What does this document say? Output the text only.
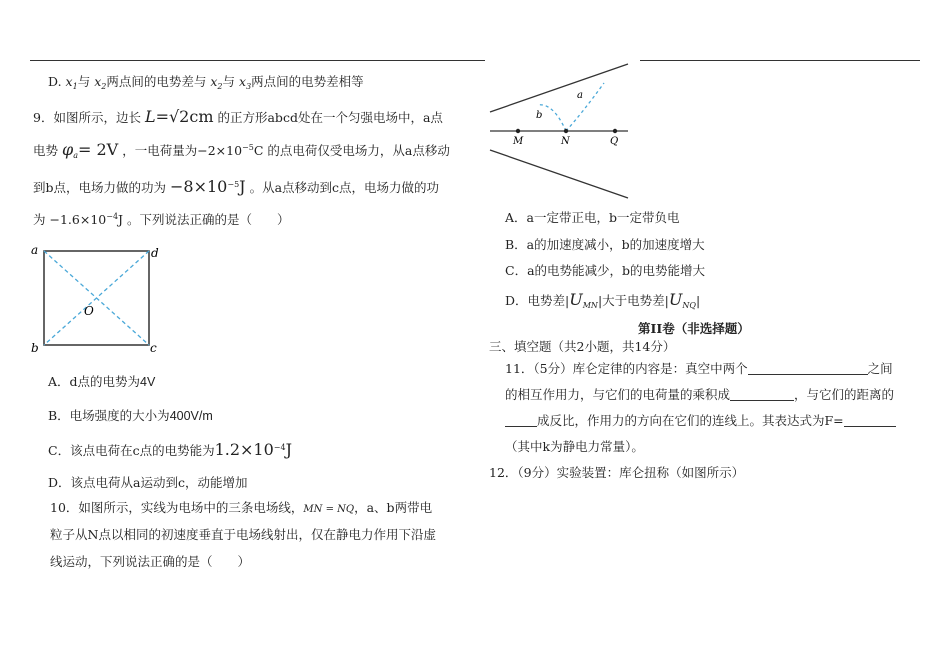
D. $x_1$与 $x_2$两点间的电势差与 $x_2$与 $x_3$两点间的电势差相等
9．如图所示，边长 L=√2cm 的正方形abcd处在一个匀强电场中，a点
电势 $\varphi_a= 2V$ ，一电荷量为$-2\times 10^{-5}C$ 的点电荷仅受电场力，从a点移动
到b点，电场力做的功为 $-8\times 10^{-5}J$ 。从a点移动到c点，电场力做的功
为 $-1.6\times 10^{-4}J$ 。下列说法正确的是（　　）
a	d
b	c
O
A．d点的电势为4V
B．电场强度的大小为400V/m
C．该点电荷在c点的电势能为$1.2\times 10^{-4}J$
D．该点电荷从a运动到c，动能增加
10．如图所示，实线为电场中的三条电场线，MN = NQ，a、b两带电
粒子从N点以相同的初速度垂直于电场线射出，仅在静电力作用下沿虚
线运动，下列说法正确的是（　　）
a
b
M	N	Q
A．a一定带正电，b一定带负电
B．a的加速度减小，b的加速度增大
C．a的电势能减少，b的电势能增大
D．电势差$|U_{MN}|$大于电势差$|U_{NQ}|$
第II卷（非选择题）
三、填空题（共2小题，共14分）
11．（5分）库仑定律的内容是：真空中两个	之间
的相互作用力，与它们的电荷量的乘积成	，与它们的距离的
成反比，作用力的方向在它们的连线上。其表达式为F=
（其中k为静电力常量）。
12．（9分）实验装置：库仑扭称（如图所示）
